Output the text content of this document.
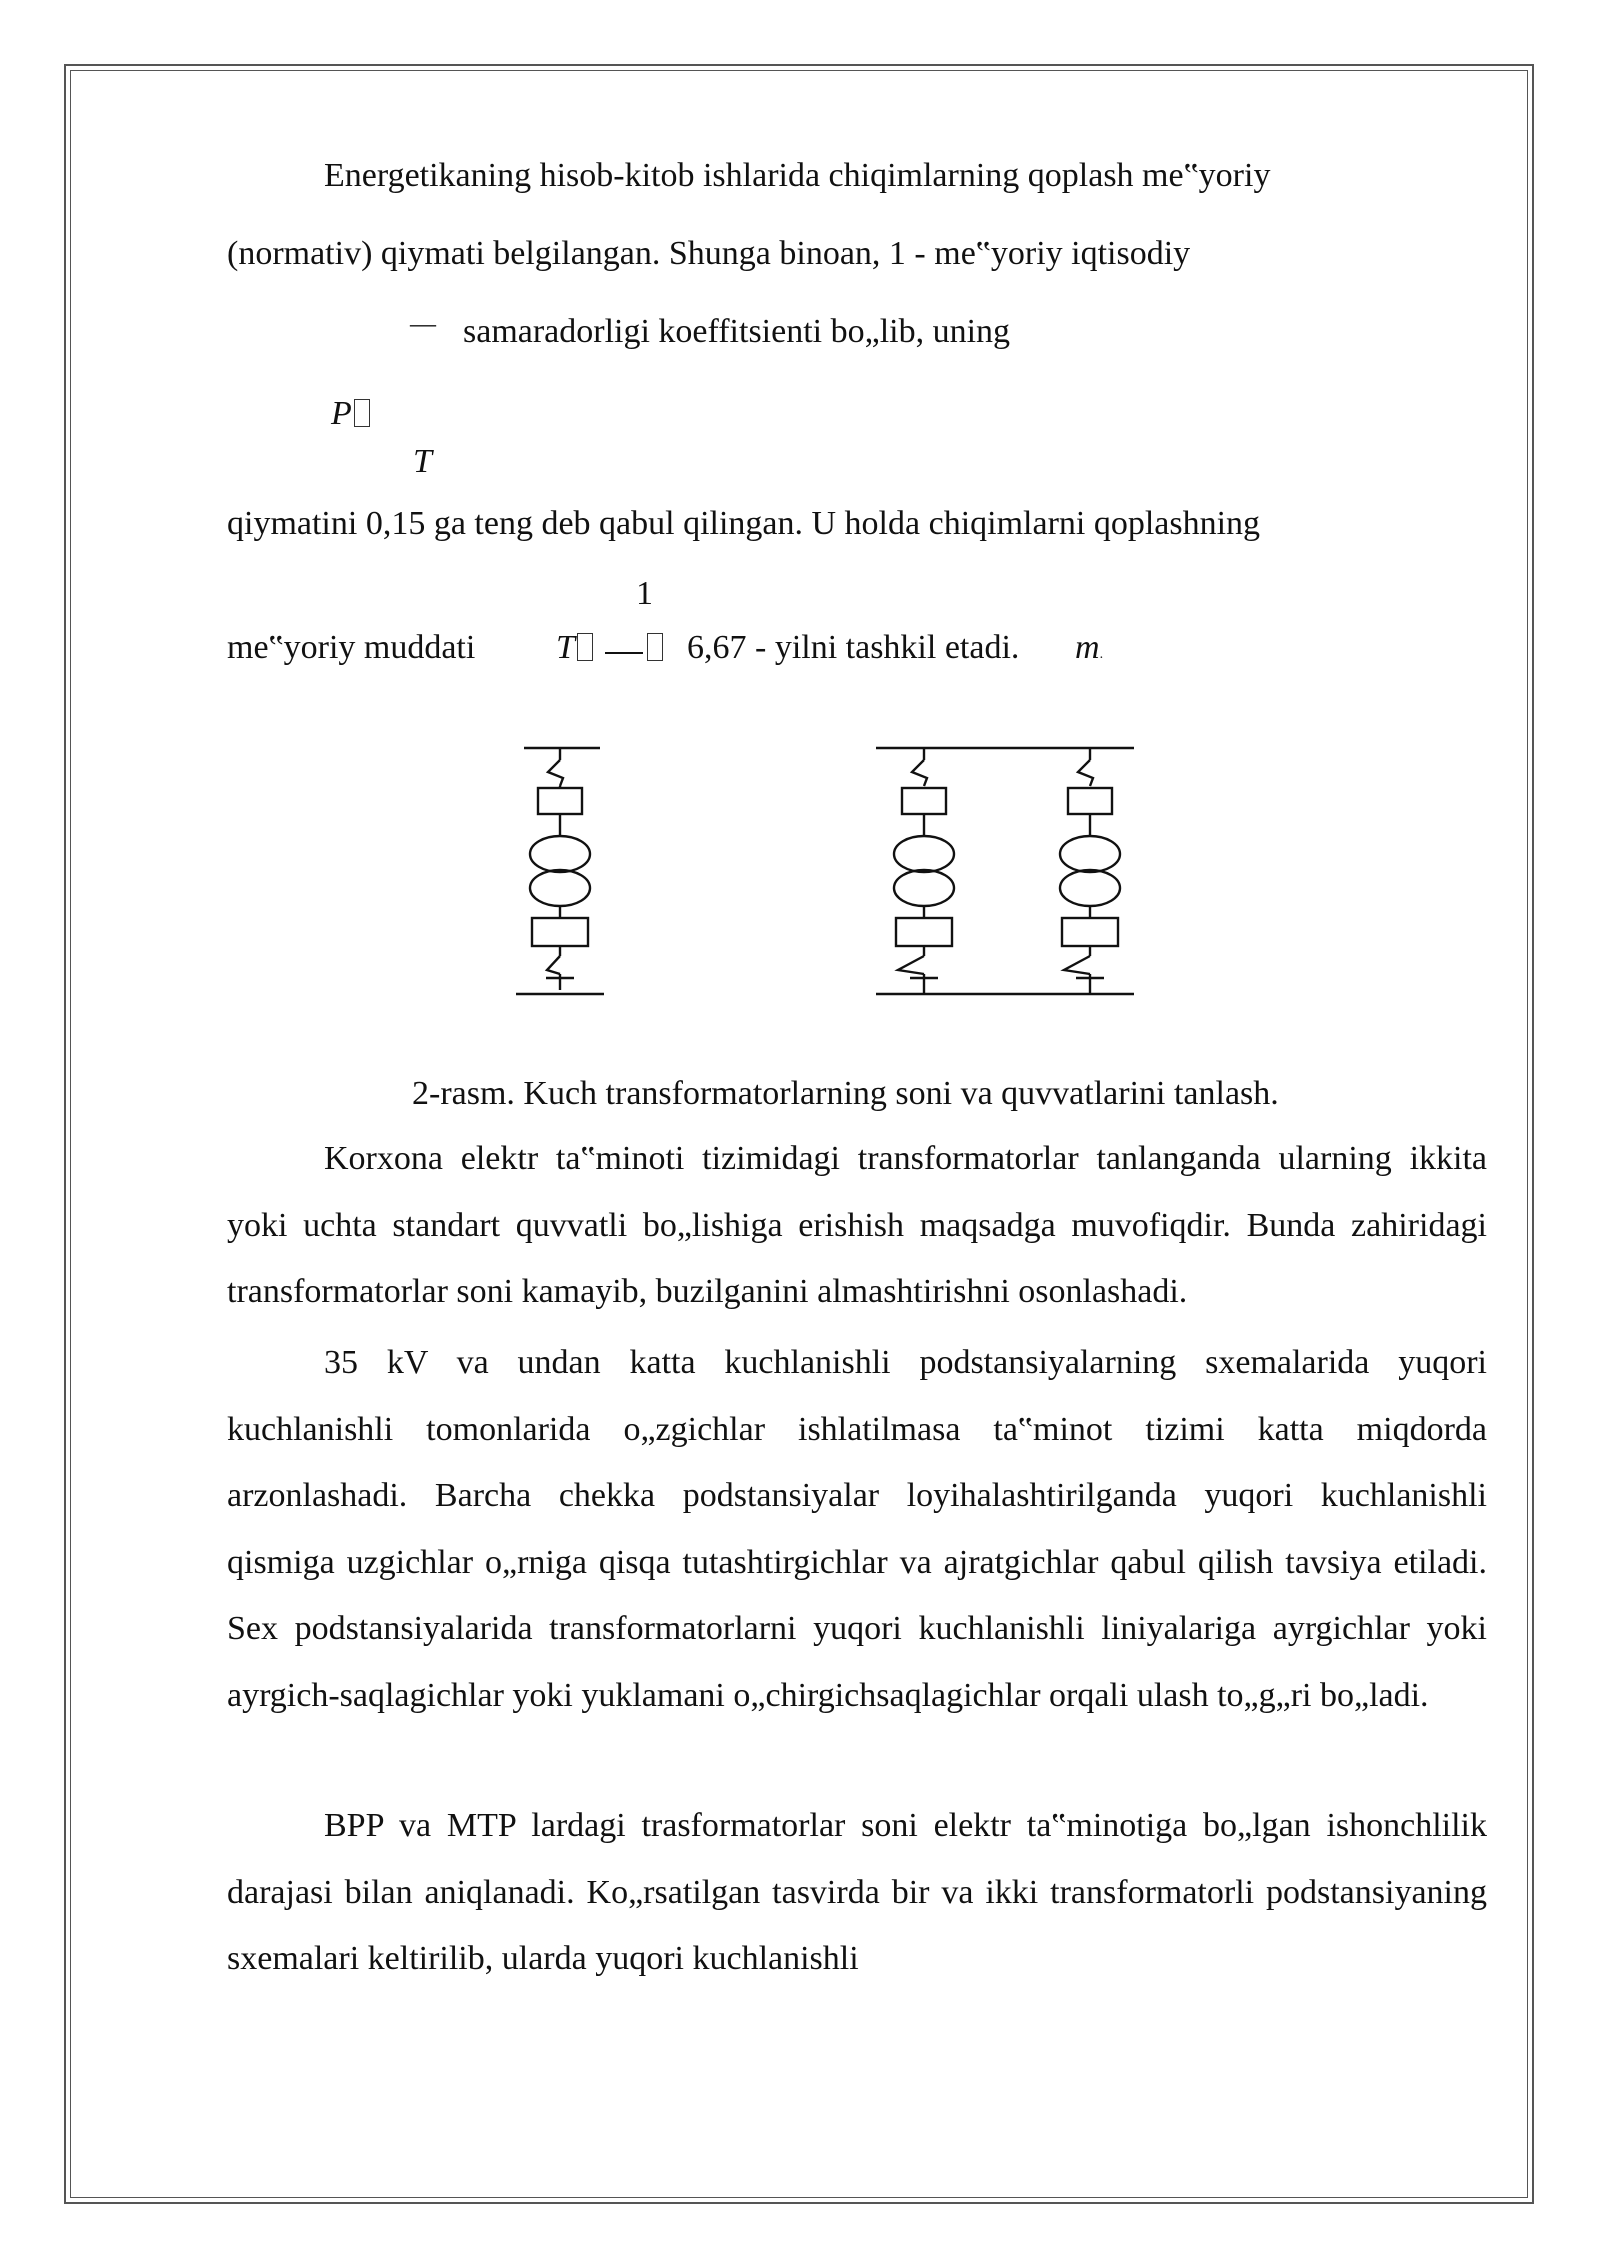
Energetikaning hisob-kitob ishlarida chiqimlarning qoplash me‟yoriy
(normativ) qiymati belgilangan. Shunga binoan, 1 - me‟yoriy iqtisodiy
— samaradorligi koeffitsienti bo„lib, uning
P
T
qiymatini 0,15 ga teng deb qabul qilingan. U holda chiqimlarni qoplashning
1
me‟yoriy muddati T	6,67 - yilni tashkil etadi. m.
2-rasm. Kuch transformatorlarning soni va quvvatlarini tanlash.
Korxona elektr ta‟minoti tizimidagi transformatorlar tanlanganda ularning ikkita yoki uchta standart quvvatli bo„lishiga erishish maqsadga muvofiqdir. Bunda zahiridagi transformatorlar soni kamayib, buzilganini almashtirishni osonlashadi.
35 kV va undan katta kuchlanishli podstansiyalarning sxemalarida yuqori kuchlanishli tomonlarida o„zgichlar ishlatilmasa ta‟minot tizimi katta miqdorda arzonlashadi. Barcha chekka podstansiyalar loyihalashtirilganda yuqori kuchlanishli qismiga uzgichlar o„rniga qisqa tutashtirgichlar va ajratgichlar qabul qilish tavsiya etiladi. Sex podstansiyalarida transformatorlarni yuqori kuchlanishli liniyalariga ayrgichlar yoki ayrgich-saqlagichlar yoki yuklamani o„chirgichsaqlagichlar orqali ulash to„g„ri bo„ladi.
BPP va MTP lardagi trasformatorlar soni elektr ta‟minotiga bo„lgan ishonchlilik darajasi bilan aniqlanadi. Ko„rsatilgan tasvirda bir va ikki transformatorli podstansiyaning sxemalari keltirilib, ularda yuqori kuchlanishli
